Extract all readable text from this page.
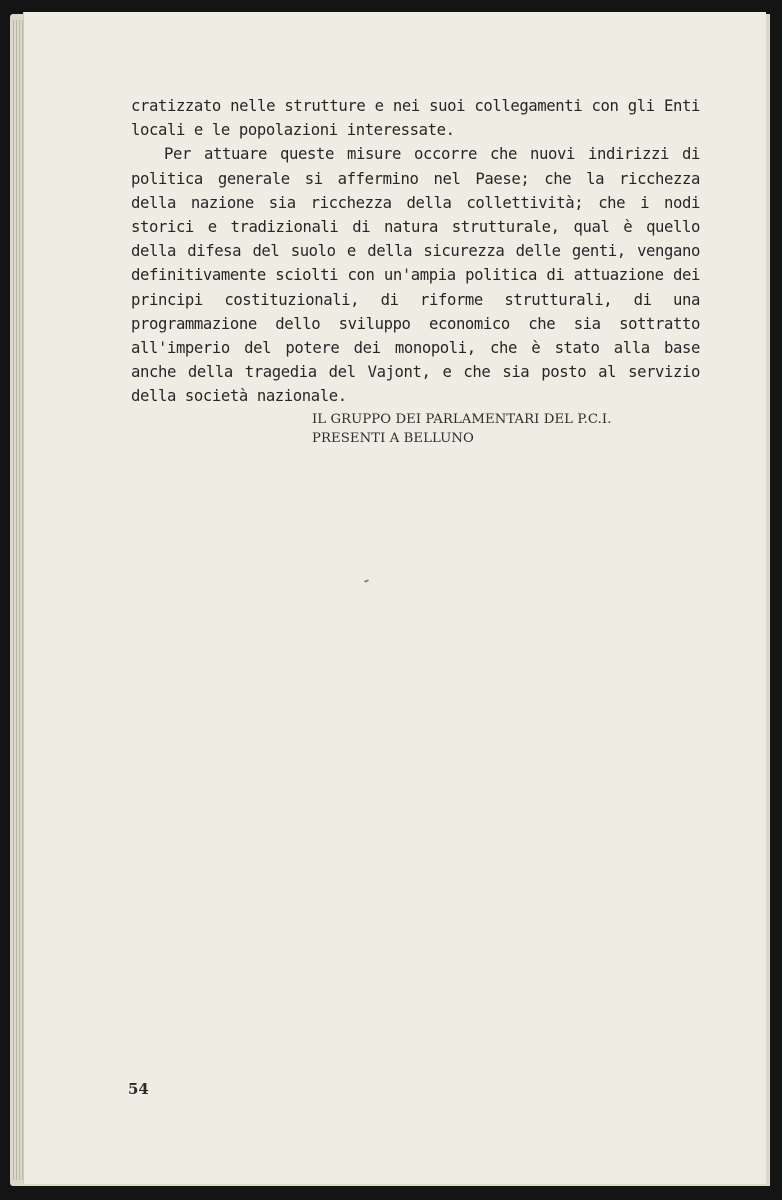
cratizzato nelle strutture e nei suoi collegamenti con gli Enti locali e le popolazioni interessate.

Per attuare queste misure occorre che nuovi indirizzi di politica generale si affermino nel Paese; che la ricchezza della nazione sia ricchezza della collettività; che i nodi storici e tradizionali di natura strutturale, qual è quello della difesa del suolo e della sicurezza delle genti, vengano definitivamente sciolti con un'ampia politica di attuazione dei principi costituzionali, di riforme strutturali, di una programmazione dello sviluppo economico che sia sottratto all'imperio del potere dei monopoli, che è stato alla base anche della tragedia del Vajont, e che sia posto al servizio della società nazionale.

IL GRUPPO DEI PARLAMENTARI DEL P.C.I.
PRESENTI A BELLUNO
54
